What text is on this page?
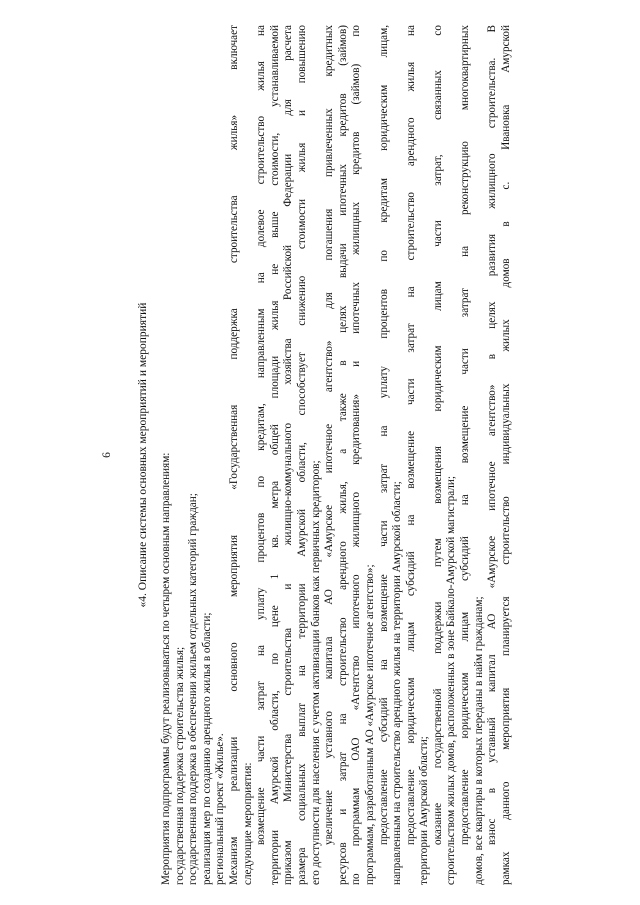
6 «4. Описание системы основных мероприятий и мероприятий Мероприятия подпрограммы будут реализовываться по четырем основным направлениям: государственная поддержка строительства жилья; государственная поддержка в обеспечении жильем отдельных категорий граждан; реализация мер по созданию арендного жилья в области; региональный проект «Жилье». Механизм реализации основного мероприятия «Государственная поддержка строительства жилья» включает следующие мероприятия: возмещение части затрат на уплату процентов по кредитам, направленным на долевое строительство жилья на территории Амурской области, по цене 1 кв. метра общей площади жилья не выше стоимости, устанавливаемой приказом Министерства строительства и жилищно-коммунального хозяйства Российской Федерации для расчета размера социальных выплат на территории Амурской области, способствует снижению стоимости жилья и повышению его доступности для населения с учетом активизации банков как первичных кредиторов; увеличение уставного капитала АО «Амурское ипотечное агентство» для погашения привлеченных кредитных ресурсов и затрат на строительство арендного жилья, а также в целях выдачи ипотечных кредитов (займов) по программам ОАО «Агентство ипотечного жилищного кредитования» и ипотечных жилищных кредитов (займов) по программам, разработанным АО «Амурское ипотечное агентство»; предоставление субсидий на возмещение части затрат на уплату процентов по кредитам юридическим лицам, направленным на строительство арендного жилья на территории Амурской области; предоставление юридическим лицам субсидий на возмещение части затрат на строительство арендного жилья на территории Амурской области; оказание государственной поддержки путем возмещения юридическим лицам части затрат, связанных со строительством жилых домов, расположенных в зоне Байкало-Амурской магистрали; предоставление юридическим лицам субсидий на возмещение части затрат на реконструкцию многоквартирных домов, все квартиры в которых переданы в найм гражданам; взнос в уставный капитал АО «Амурское ипотечное агентство» в целях развития жилищного строительства. В рамках данного мероприятия планируется строительство индивидуальных жилых домов в с. Ивановка Амурской
